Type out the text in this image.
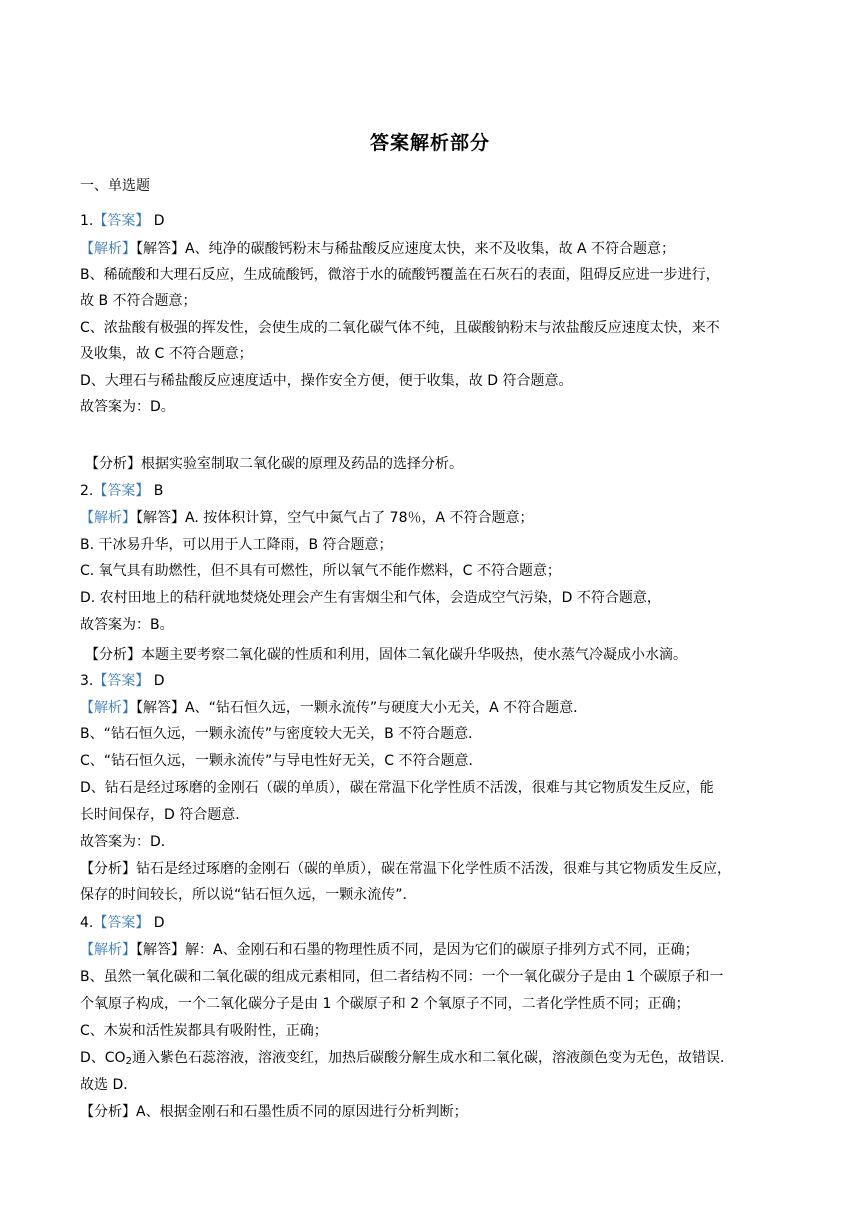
答案解析部分
一、单选题
1.【答案】 D
【解析】【解答】A、纯净的碳酸钙粉末与稀盐酸反应速度太快，来不及收集，故 A 不符合题意；
B、稀硫酸和大理石反应，生成硫酸钙，微溶于水的硫酸钙覆盖在石灰石的表面，阻碍反应进一步进行，
故 B 不符合题意；
C、浓盐酸有极强的挥发性，会使生成的二氧化碳气体不纯，且碳酸钠粉末与浓盐酸反应速度太快，来不
及收集，故 C 不符合题意；
D、大理石与稀盐酸反应速度适中，操作安全方便，便于收集，故 D 符合题意。
故答案为：D。
【分析】根据实验室制取二氧化碳的原理及药品的选择分析。
2.【答案】 B
【解析】【解答】A. 按体积计算，空气中氮气占了 78％，A 不符合题意；
B. 干冰易升华，可以用于人工降雨，B 符合题意；
C. 氧气具有助燃性，但不具有可燃性，所以氧气不能作燃料，C 不符合题意；
D. 农村田地上的秸秆就地焚烧处理会产生有害烟尘和气体，会造成空气污染，D 不符合题意，
故答案为：B。
【分析】本题主要考察二氧化碳的性质和利用，固体二氧化碳升华吸热，使水蒸气冷凝成小水滴。
3.【答案】 D
【解析】【解答】A、“钻石恒久远，一颗永流传”与硬度大小无关，A 不符合题意．
B、“钻石恒久远，一颗永流传”与密度较大无关，B 不符合题意．
C、“钻石恒久远，一颗永流传”与导电性好无关，C 不符合题意．
D、钻石是经过琢磨的金刚石（碳的单质），碳在常温下化学性质不活泼，很难与其它物质发生反应，能
长时间保存，D 符合题意．
故答案为：D．
【分析】钻石是经过琢磨的金刚石（碳的单质），碳在常温下化学性质不活泼，很难与其它物质发生反应，
保存的时间较长，所以说“钻石恒久远，一颗永流传”．
4.【答案】 D
【解析】【解答】解：A、金刚石和石墨的物理性质不同，是因为它们的碳原子排列方式不同，正确；
B、虽然一氧化碳和二氧化碳的组成元素相同，但二者结构不同：一个一氧化碳分子是由 1 个碳原子和一
个氧原子构成，一个二氧化碳分子是由 1 个碳原子和 2 个氧原子不同，二者化学性质不同；正确；
C、木炭和活性炭都具有吸附性，正确；
D、$CO_2$通入紫色石蕊溶液，溶液变红，加热后碳酸分解生成水和二氧化碳，溶液颜色变为无色，故错误．
故选 D．
【分析】A、根据金刚石和石墨性质不同的原因进行分析判断；
